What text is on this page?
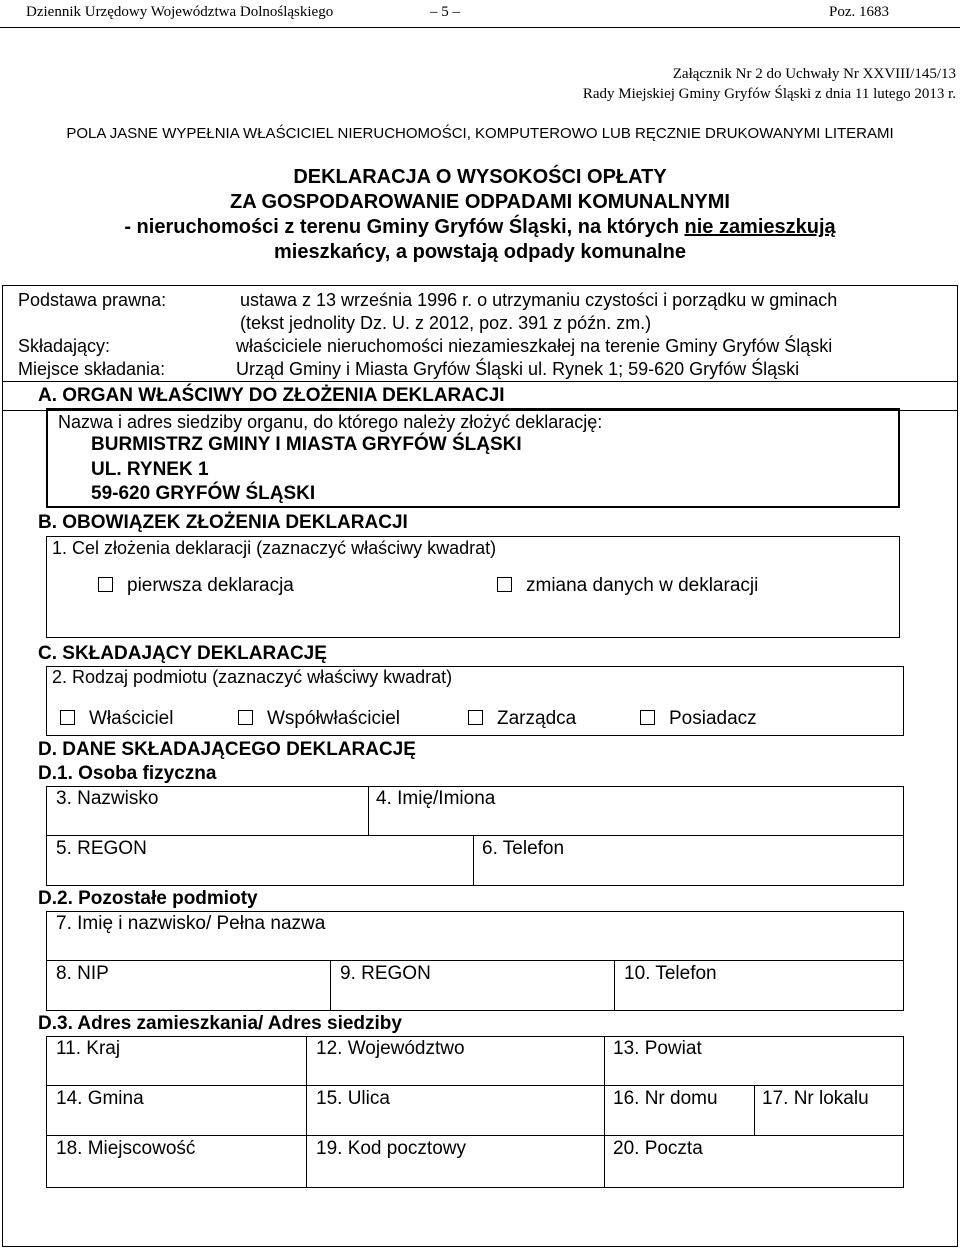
Dziennik Urzędowy Województwa Dolnośląskiego	– 5 –	Poz. 1683
Załącznik Nr 2 do Uchwały Nr XXVIII/145/13
Rady Miejskiej Gminy Gryfów Śląski z dnia 11 lutego 2013 r.
POLA JASNE WYPEŁNIA WŁAŚCICIEL NIERUCHOMOŚCI, KOMPUTEROWO LUB RĘCZNIE DRUKOWANYMI LITERAMI
DEKLARACJA O WYSOKOŚCI OPŁATY
ZA GOSPODAROWANIE ODPADAMI KOMUNALNYMI
- nieruchomości z terenu Gminy Gryfów Śląski, na których nie zamieszkują
mieszkańcy, a powstają odpady komunalne
Podstawa prawna:	ustawa z 13 września 1996 r. o utrzymaniu czystości i porządku w gminach
(tekst jednolity Dz. U. z 2012, poz. 391 z późn. zm.)
Składający:	właściciele nieruchomości niezamieszkałej na terenie Gminy Gryfów Śląski
Miejsce składania:	Urząd Gminy i Miasta Gryfów Śląski ul. Rynek 1; 59-620 Gryfów Śląski
A. ORGAN WŁAŚCIWY DO ZŁOŻENIA DEKLARACJI
Nazwa i adres siedziby organu, do którego należy złożyć deklarację:
BURMISTRZ GMINY I MIASTA GRYFÓW ŚLĄSKI
UL. RYNEK 1
59-620 GRYFÓW ŚLĄSKI
B. OBOWIĄZEK ZŁOŻENIA DEKLARACJI
1. Cel złożenia deklaracji (zaznaczyć właściwy kwadrat)
pierwsza deklaracja	zmiana danych w deklaracji
C. SKŁADAJĄCY DEKLARACJĘ
2. Rodzaj podmiotu (zaznaczyć właściwy kwadrat)
Właściciel	Współwłaściciel	Zarządca	Posiadacz
D. DANE SKŁADAJĄCEGO DEKLARACJĘ
D.1. Osoba fizyczna
3. Nazwisko	4. Imię/Imiona
5. REGON	6. Telefon
D.2. Pozostałe podmioty
7. Imię i nazwisko/ Pełna nazwa
8. NIP	9. REGON	10. Telefon
D.3. Adres zamieszkania/ Adres siedziby
11. Kraj	12. Województwo	13. Powiat
14. Gmina	15. Ulica	16. Nr domu 17. Nr lokalu
18. Miejscowość	19. Kod pocztowy	20. Poczta
